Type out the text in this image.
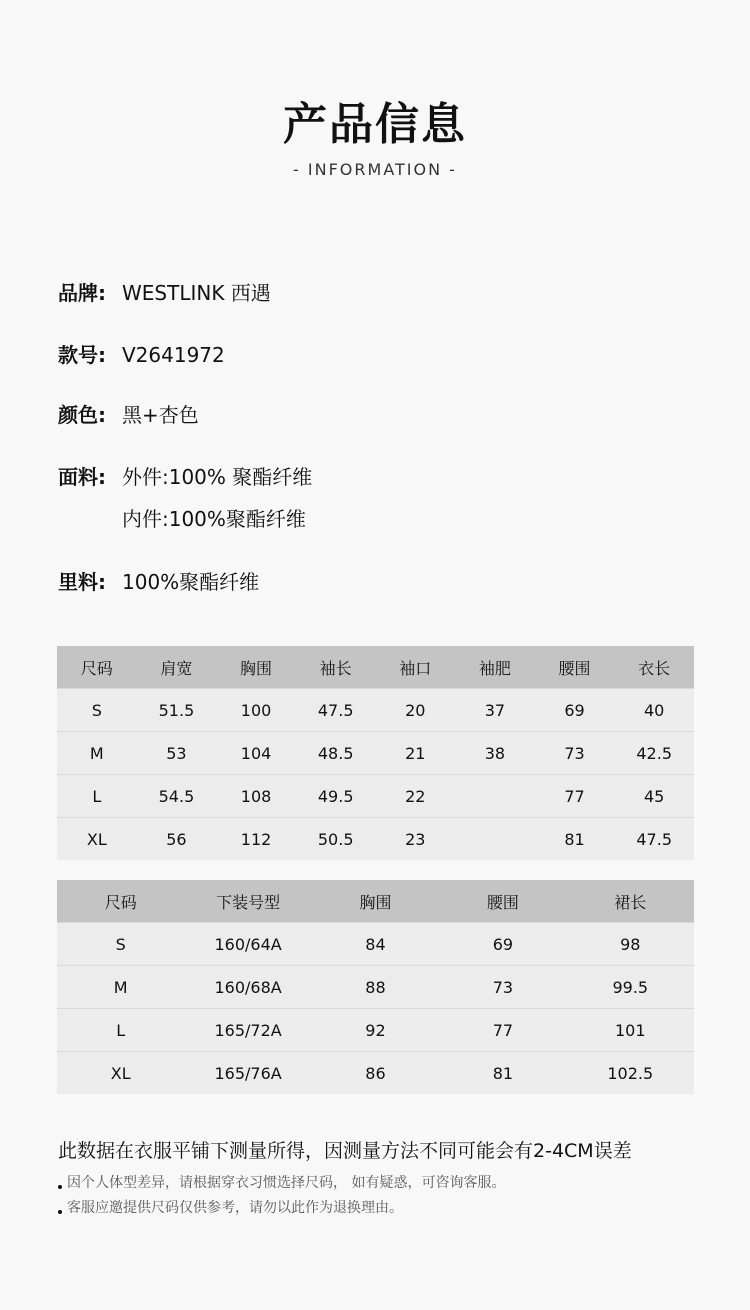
产品信息
- INFORMATION -
品牌: WESTLINK 西遇
款号: V2641972
颜色: 黑+杏色
面料: 外件:100% 聚酯纤维
内件:100%聚酯纤维
里料: 100%聚酯纤维
尺码	肩宽	胸围	袖长	袖口	袖肥	腰围	衣长
S	51.5	100	47.5	20	37	69	40
M	53	104	48.5	21	38	73	42.5
L	54.5	108	49.5	22		77	45
XL	56	112	50.5	23		81	47.5
尺码	下装号型	胸围	腰围	裙长
S	160/64A	84	69	98
M	160/68A	88	73	99.5
L	165/72A	92	77	101
XL	165/76A	86	81	102.5
此数据在衣服平铺下测量所得，因测量方法不同可能会有2-4CM误差
因个人体型差异，请根据穿衣习惯选择尺码， 如有疑惑，可咨询客服。
客服应邀提供尺码仅供参考，请勿以此作为退换理由。
